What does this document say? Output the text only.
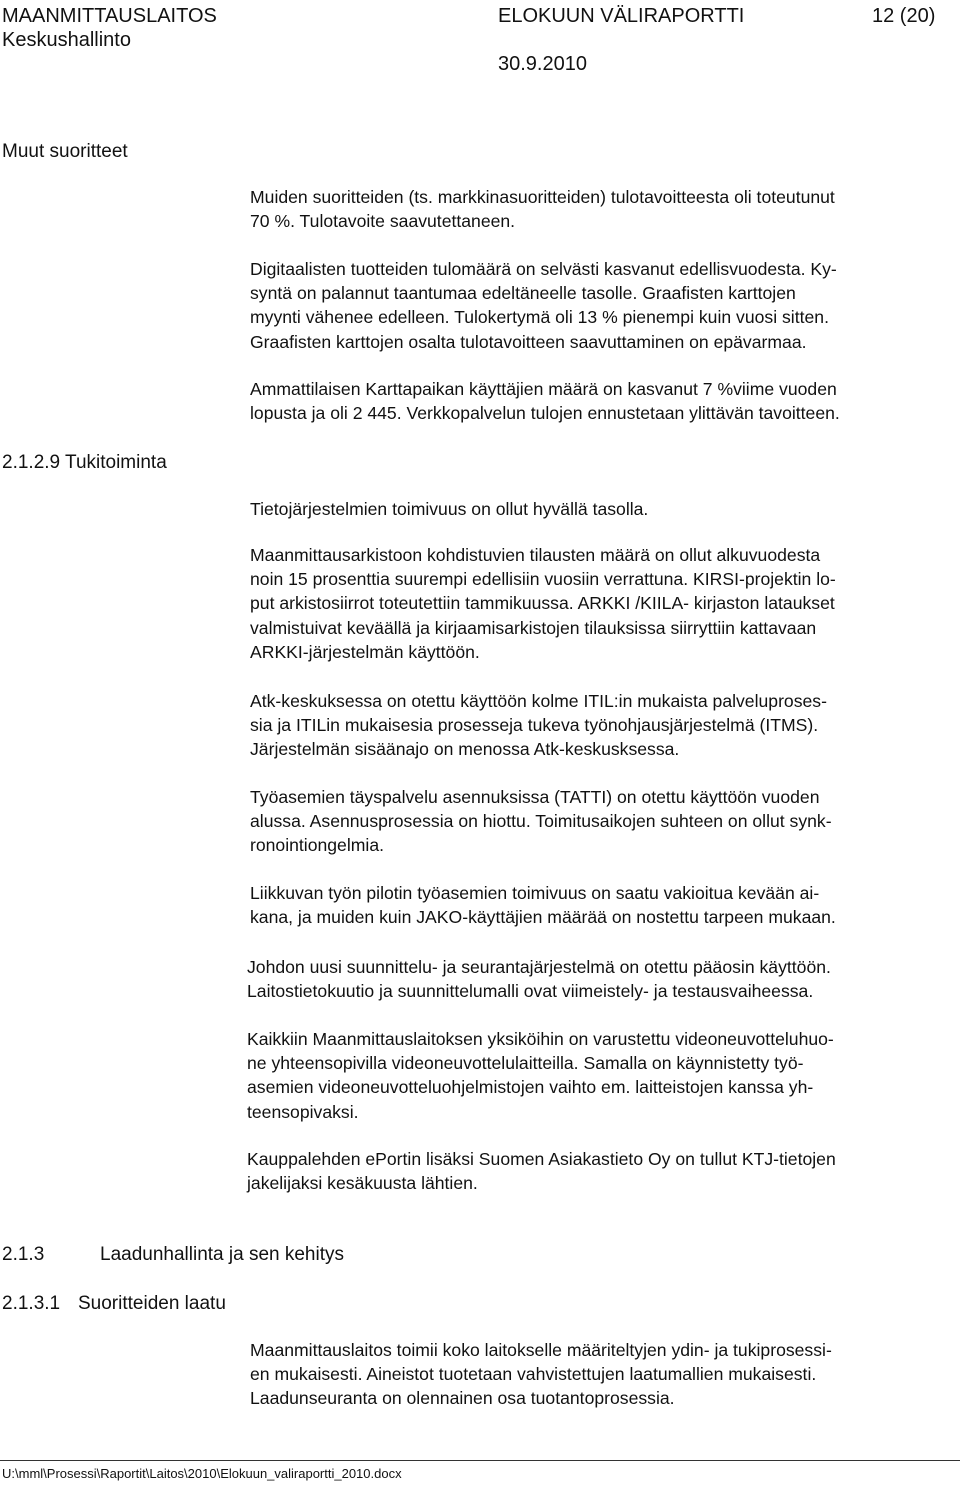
MAANMITTAUSLAITOS	ELOKUUN VÄLIRAPORTTI	12 (20)
Keskushallinto
30.9.2010
Muut suoritteet
2.1.2.9 Tukitoiminta
2.1.3	Laadunhallinta ja sen kehitys
2.1.3.1 Suoritteiden laatu
Muiden suoritteiden (ts. markkinasuoritteiden) tulotavoitteesta oli toteutunut
70 %. Tulotavoite saavutettaneen.
Digitaalisten tuotteiden tulomäärä on selvästi kasvanut edellisvuodesta. Ky-
syntä on palannut taantumaa edeltäneelle tasolle. Graafisten karttojen
myynti vähenee edelleen. Tulokertymä oli 13 % pienempi kuin vuosi sitten.
Graafisten karttojen osalta tulotavoitteen saavuttaminen on epävarmaa.
Ammattilaisen Karttapaikan käyttäjien määrä on kasvanut 7 %viime vuoden
lopusta ja oli 2 445. Verkkopalvelun tulojen ennustetaan ylittävän tavoitteen.
Tietojärjestelmien toimivuus on ollut hyvällä tasolla.
Maanmittausarkistoon kohdistuvien tilausten määrä on ollut alkuvuodesta
noin 15 prosenttia suurempi edellisiin vuosiin verrattuna. KIRSI-projektin lo-
put arkistosiirrot toteutettiin tammikuussa. ARKKI /KIILA- kirjaston lataukset
valmistuivat keväällä ja kirjaamisarkistojen tilauksissa siirryttiin kattavaan
ARKKI-järjestelmän käyttöön.
Atk-keskuksessa on otettu käyttöön kolme ITIL:in mukaista palveluproses-
sia ja ITILin mukaisesia prosesseja tukeva työnohjausjärjestelmä (ITMS).
Järjestelmän sisäänajo on menossa Atk-keskusksessa.
Työasemien täyspalvelu asennuksissa (TATTI) on otettu käyttöön vuoden
alussa. Asennusprosessia on hiottu. Toimitusaikojen suhteen on ollut synk-
ronointiongelmia.
Liikkuvan työn pilotin työasemien toimivuus on saatu vakioitua kevään ai-
kana, ja muiden kuin JAKO-käyttäjien määrää on nostettu tarpeen mukaan.
Johdon uusi suunnittelu- ja seurantajärjestelmä on otettu pääosin käyttöön.
Laitostietokuutio ja suunnittelumalli ovat viimeistely- ja testausvaiheessa.
Kaikkiin Maanmittauslaitoksen yksiköihin on varustettu videoneuvotteluhuo-
ne yhteensopivilla videoneuvottelulaitteilla. Samalla on käynnistetty työ-
asemien videoneuvotteluohjelmistojen vaihto em. laitteistojen kanssa yh-
teensopivaksi.
Kauppalehden ePortin lisäksi Suomen Asiakastieto Oy on tullut KTJ-tietojen
jakelijaksi kesäkuusta lähtien.
Maanmittauslaitos toimii koko laitokselle määriteltyjen ydin- ja tukiprosessi-
en mukaisesti. Aineistot tuotetaan vahvistettujen laatumallien mukaisesti.
Laadunseuranta on olennainen osa tuotantoprosessia.
U:\mml\Prosessi\Raportit\Laitos\2010\Elokuun_valiraportti_2010.docx
